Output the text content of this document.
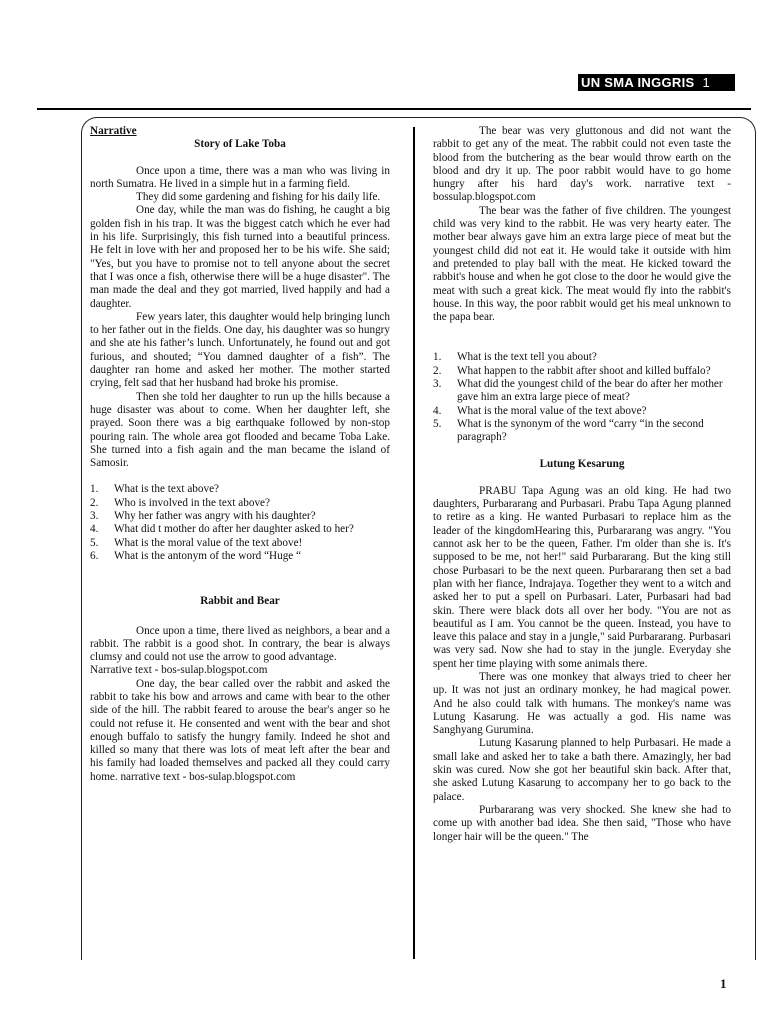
UN SMA INGGRIS 1

Narrative

Story of Lake Toba

Once upon a time, there was a man who was living in north Sumatra. He lived in a simple hut in a farming field.

They did some gardening and fishing for his daily life.

One day, while the man was do fishing, he caught a big golden fish in his trap. It was the biggest catch which he ever had in his life. Surprisingly, this fish turned into a beautiful princess. He felt in love with her and proposed her to be his wife. She said; "Yes, but you have to promise not to tell anyone about the secret that I was once a fish, otherwise there will be a huge disaster". The man made the deal and they got married, lived happily and had a daughter.

Few years later, this daughter would help bringing lunch to her father out in the fields. One day, his daughter was so hungry and she ate his father’s lunch. Unfortunately, he found out and got furious, and shouted; “You damned daughter of a fish”. The daughter ran home and asked her mother. The mother started crying, felt sad that her husband had broke his promise.

Then she told her daughter to run up the hills because a huge disaster was about to come. When her daughter left, she prayed. Soon there was a big earthquake followed by non-stop pouring rain. The whole area got flooded and became Toba Lake. She turned into a fish again and the man became the island of Samosir.

1.	What is the text above?
2.	Who is involved in the text above?
3.	Why her father was angry with his daughter?
4.	What did t mother do after her daughter asked to her?
5.	What is the moral value of the text above!
6.	What is the antonym of the word “Huge “

Rabbit and Bear

Once upon a time, there lived as neighbors, a bear and a rabbit. The rabbit is a good shot. In contrary, the bear is always clumsy and could not use the arrow to good advantage.

Narrative text - bos-sulap.blogspot.com

One day, the bear called over the rabbit and asked the rabbit to take his bow and arrows and came with bear to the other side of the hill. The rabbit feared to arouse the bear's anger so he could not refuse it. He consented and went with the bear and shot enough buffalo to satisfy the hungry family. Indeed he shot and killed so many that there was lots of meat left after the bear and his family had loaded themselves and packed all they could carry home. narrative text - bos-sulap.blogspot.com

The bear was very gluttonous and did not want the rabbit to get any of the meat. The rabbit could not even taste the blood from the butchering as the bear would throw earth on the blood and dry it up. The poor rabbit would have to go home hungry after his hard day's work. narrative text - bossulap.blogspot.com

The bear was the father of five children. The youngest child was very kind to the rabbit. He was very hearty eater. The mother bear always gave him an extra large piece of meat but the youngest child did not eat it. He would take it outside with him and pretended to play ball with the meat. He kicked toward the rabbit's house and when he got close to the door he would give the meat with such a great kick. The meat would fly into the rabbit's house. In this way, the poor rabbit would get his meal unknown to the papa bear.

1.	What is the text tell you about?
2.	What happen to the rabbit after shoot and killed buffalo?
3.	What did the youngest child of the bear do after her mother gave him an extra large piece of meat?
4.	What is the moral value of the text above?
5.	What is the synonym of the word “carry “in the second paragraph?

Lutung Kesarung

PRABU Tapa Agung was an old king. He had two daughters, Purbararang and Purbasari. Prabu Tapa Agung planned to retire as a king. He wanted Purbasari to replace him as the leader of the kingdomHearing this, Purbararang was angry. "You cannot ask her to be the queen, Father. I'm older than she is. It's supposed to be me, not her!" said Purbararang. But the king still chose Purbasari to be the next queen. Purbararang then set a bad plan with her fiance, Indrajaya. Together they went to a witch and asked her to put a spell on Purbasari. Later, Purbasari had bad skin. There were black dots all over her body. "You are not as beautiful as I am. You cannot be the queen. Instead, you have to leave this palace and stay in a jungle," said Purbararang. Purbasari was very sad. Now she had to stay in the jungle. Everyday she spent her time playing with some animals there.

There was one monkey that always tried to cheer her up. It was not just an ordinary monkey, he had magical power. And he also could talk with humans. The monkey's name was Lutung Kasarung. He was actually a god. His name was Sanghyang Gurumina.

Lutung Kasarung planned to help Purbasari. He made a small lake and asked her to take a bath there. Amazingly, her bad skin was cured. Now she got her beautiful skin back. After that, she asked Lutung Kasarung to accompany her to go back to the palace.

Purbararang was very shocked. She knew she had to come up with another bad idea. She then said, "Those who have longer hair will be the queen." The

1
